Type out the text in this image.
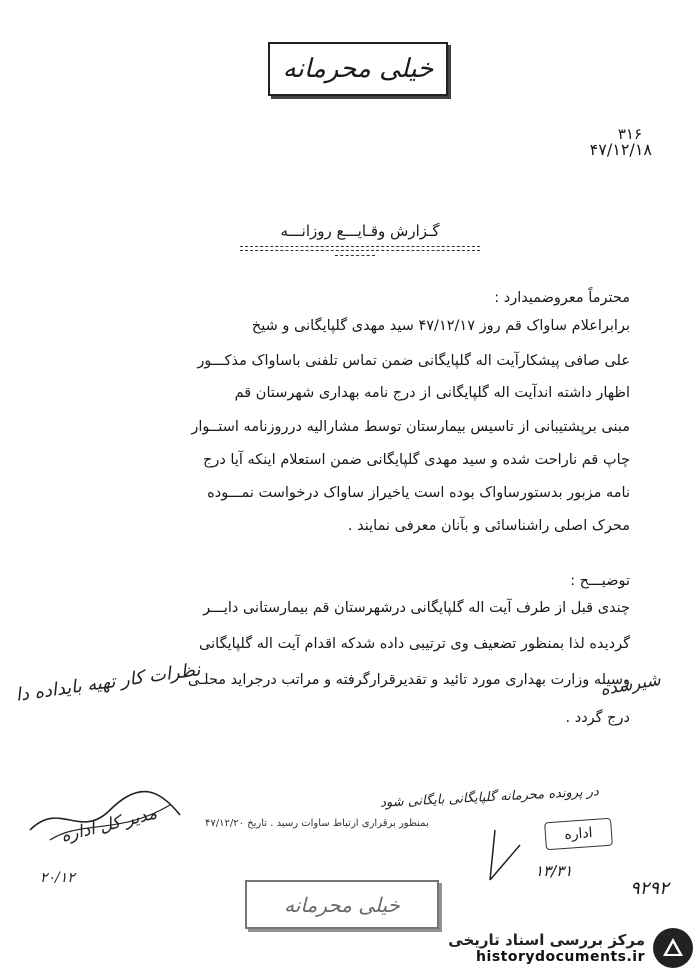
خیلی محرمانه
۳۱۶
۴۷/۱۲/۱۸
گـزارش وقـایـــع روزانـــه
محترماً معروضمیدارد :
برابراعلام ساواک قم روز ۴۷/۱۲/۱۷ سید مهدی گلپایگانی و شیخ
علی صافی پیشکارآیت اله گلپایگانی ضمن تماس تلفنی باساواک مذکـــور
اظهار داشته اندآیت اله گلپایگانی از درج نامه بهداری شهرستان قم
مبنی برپشتیبانی از تاسیس بیمارستان توسط مشارالیه درروزنامه استــوار
چاپ قم ناراحت شده و سید مهدی گلپایگانی ضمن استعلام اینکه آیا درج
نامه مزبور بدستورساواک بوده است یاخیراز ساواک درخواست نمـــوده
محرک اصلی راشناسائی و بآنان معرفی نمایند .
توضیـــح :
چندی قبل از طرف آیت اله گلپایگانی درشهرستان قم بیمارستانی دایـــر
گردیده لذا بمنظور تضعیف وی ترتیبی داده شدکه اقدام آیت اله گلپایگانی
وسیله وزارت بهداری مورد تائید و تقدیرقرارگرفته و مراتب درجراید محلـی
درج گردد .
نظرات کار تهیه بایداده دا	شیرشده
در پرونده محرمانه گلپایگانی بایگانی شود
مدیر کل اداره
۲۰/۱۲
بمنظور برقراری ارتباط ساوات رسید . تاریخ ۴۷/۱۲/۲۰
اداره
۱۳/۳۱
خیلی محرمانه
۹۲۹۲
مرکز بررسی اسناد تاریخی
historydocuments.ir
